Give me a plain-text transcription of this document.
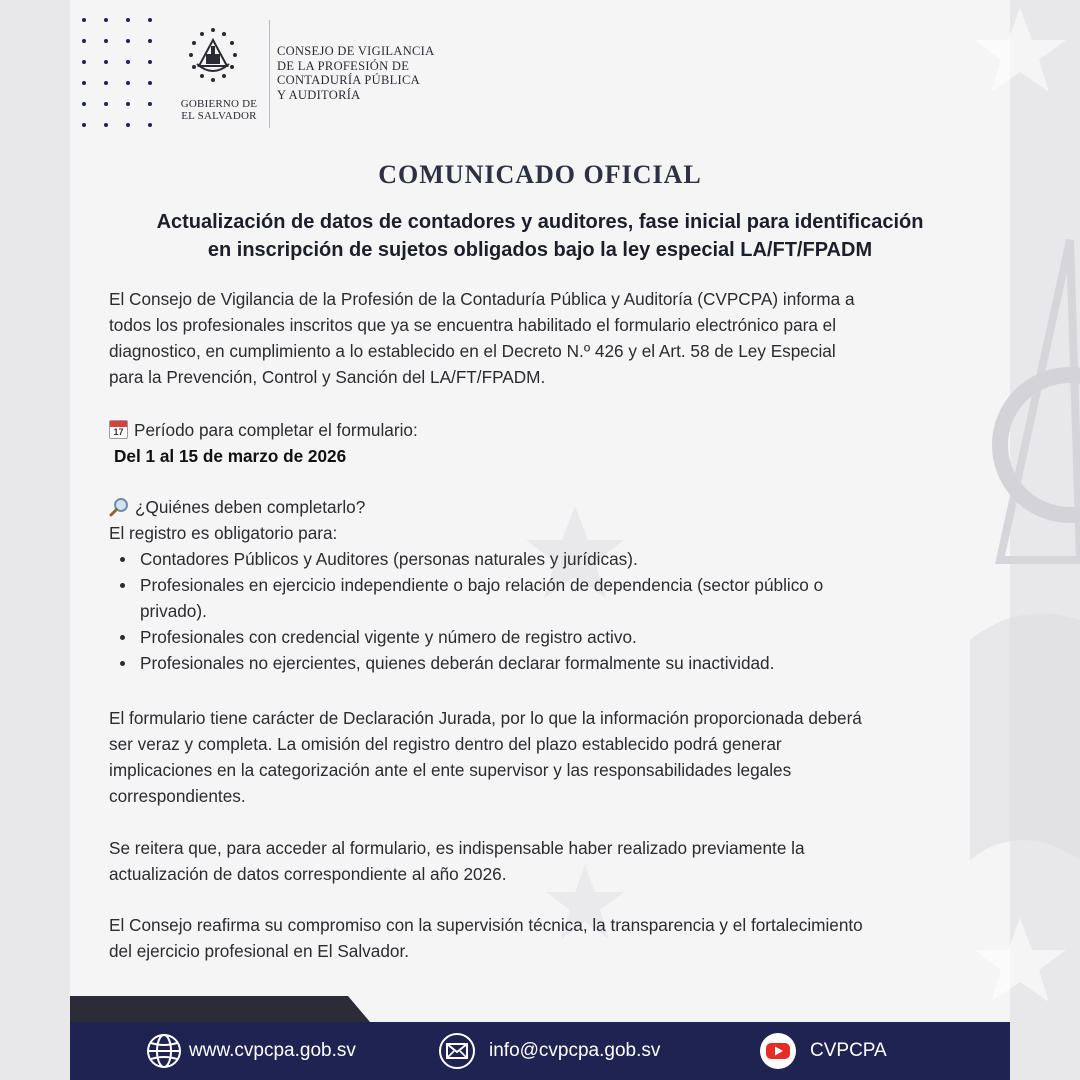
GOBIERNO DE
EL SALVADOR
CONSEJO DE VIGILANCIA
DE LA PROFESIÓN DE
CONTADURÍA PÚBLICA
Y AUDITORÍA
COMUNICADO OFICIAL
Actualización de datos de contadores y auditores, fase inicial para identificación
en inscripción de sujetos obligados bajo la ley especial LA/FT/FPADM
El Consejo de Vigilancia de la Profesión de la Contaduría Pública y Auditoría (CVPCPA) informa a
todos los profesionales inscritos que ya se encuentra habilitado el formulario electrónico para el
diagnostico, en cumplimiento a lo establecido en el Decreto N.º 426 y el Art. 58 de Ley Especial
para la Prevención, Control y Sanción del LA/FT/FPADM.
17 Período para completar el formulario:
Del 1 al 15 de marzo de 2026
¿Quiénes deben completarlo?
El registro es obligatorio para:
Contadores Públicos y Auditores (personas naturales y jurídicas).
Profesionales en ejercicio independiente o bajo relación de dependencia (sector público o
privado).
Profesionales con credencial vigente y número de registro activo.
Profesionales no ejercientes, quienes deberán declarar formalmente su inactividad.
El formulario tiene carácter de Declaración Jurada, por lo que la información proporcionada deberá
ser veraz y completa. La omisión del registro dentro del plazo establecido podrá generar
implicaciones en la categorización ante el ente supervisor y las responsabilidades legales
correspondientes.
Se reitera que, para acceder al formulario, es indispensable haber realizado previamente la
actualización de datos correspondiente al año 2026.
El Consejo reafirma su compromiso con la supervisión técnica, la transparencia y el fortalecimiento
del ejercicio profesional en El Salvador.
www.cvpcpa.gob.sv	info@cvpcpa.gob.sv	CVPCPA
